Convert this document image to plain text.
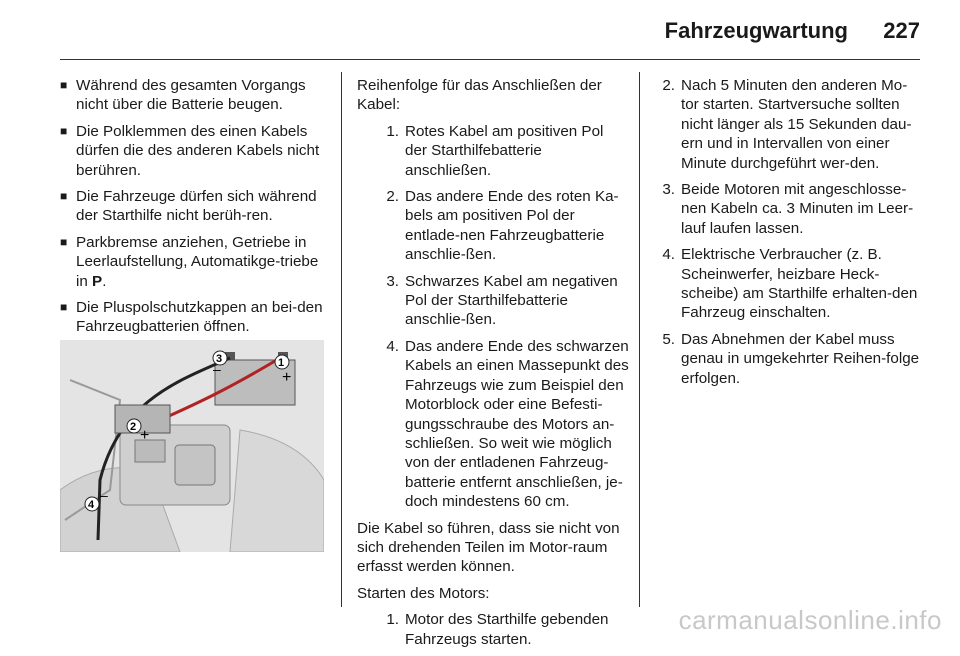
Fahrzeugwartung 227
■ Während des gesamten Vorgangs nicht über die Batterie beugen.
■ Die Polklemmen des einen Kabels dürfen die des anderen Kabels nicht berühren.
■ Die Fahrzeuge dürfen sich während der Starthilfe nicht berüh-ren.
■ Parkbremse anziehen, Getriebe in Leerlaufstellung, Automatikge-triebe in P.
■ Die Pluspolschutzkappen an bei-den Fahrzeugbatterien öffnen.
3	1
2
4
–	+
+
–

Reihenfolge für das Anschließen der Kabel:

1. Rotes Kabel am positiven Pol der Starthilfebatterie anschließen.
2. Das andere Ende des roten Ka-bels am positiven Pol der entlade-nen Fahrzeugbatterie anschlie-ßen.
3. Schwarzes Kabel am negativen Pol der Starthilfebatterie anschlie-ßen.
4. Das andere Ende des schwarzen Kabels an einen Massepunkt des Fahrzeugs wie zum Beispiel den Motorblock oder eine Befesti-gungsschraube des Motors an-schließen. So weit wie möglich von der entladenen Fahrzeug-batterie entfernt anschließen, je-doch mindestens 60 cm.

Die Kabel so führen, dass sie nicht von sich drehenden Teilen im Motor-raum erfasst werden können.

Starten des Motors:

1. Motor des Starthilfe gebenden Fahrzeugs starten.
2. Nach 5 Minuten den anderen Mo-tor starten. Startversuche sollten nicht länger als 15 Sekunden dau-ern und in Intervallen von einer Minute durchgeführt wer-den.
3. Beide Motoren mit angeschlosse-nen Kabeln ca. 3 Minuten im Leer-lauf laufen lassen.
4. Elektrische Verbraucher (z. B. Scheinwerfer, heizbare Heck-scheibe) am Starthilfe erhalten-den Fahrzeug einschalten.
5. Das Abnehmen der Kabel muss genau in umgekehrter Reihen-folge erfolgen.
carmanualsonline.info
